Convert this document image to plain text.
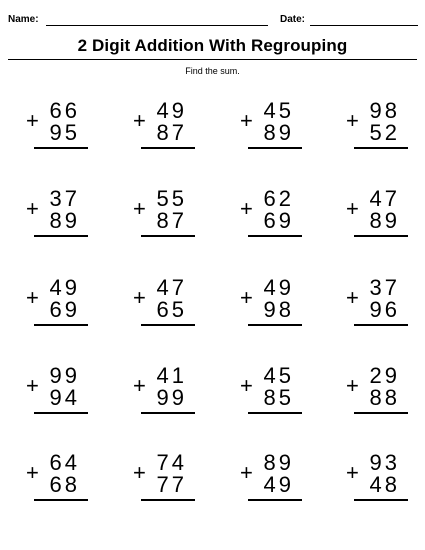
Name:	Date:
2 Digit Addition With Regrouping
Find the sum.
66
+ 95
49
+ 87
45
+ 89
98
+ 52
37
+ 89
55
+ 87
62
+ 69
47
+ 89
49
+ 69
47
+ 65
49
+ 98
37
+ 96
99
+ 94
41
+ 99
45
+ 85
29
+ 88
64
+ 68
74
+ 77
89
+ 49
93
+ 48
